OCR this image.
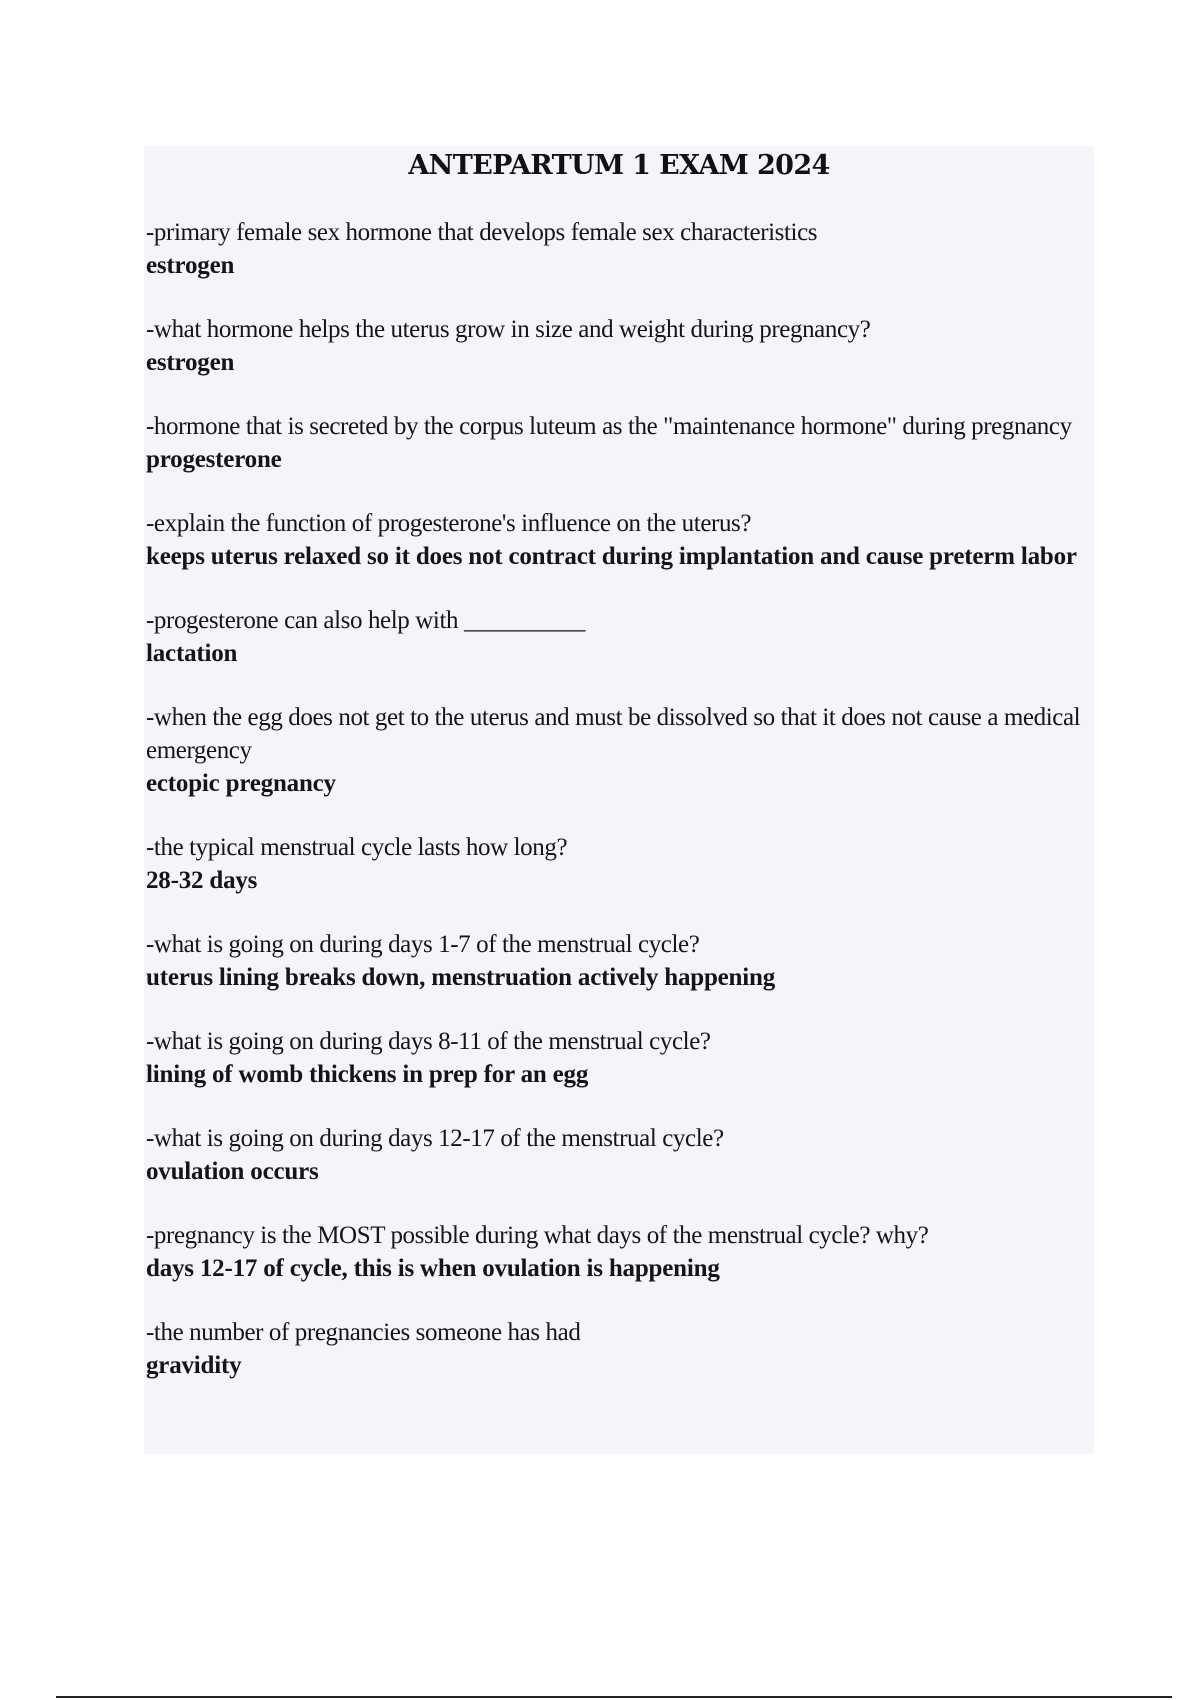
ANTEPARTUM 1 EXAM 2024
-primary female sex hormone that develops female sex characteristics
estrogen
-what hormone helps the uterus grow in size and weight during pregnancy?
estrogen
-hormone that is secreted by the corpus luteum as the "maintenance hormone" during pregnancy
progesterone
-explain the function of progesterone's influence on the uterus?
keeps uterus relaxed so it does not contract during implantation and cause preterm labor
-progesterone can also help with __________
lactation
-when the egg does not get to the uterus and must be dissolved so that it does not cause a medical emergency
ectopic pregnancy
-the typical menstrual cycle lasts how long?
28-32 days
-what is going on during days 1-7 of the menstrual cycle?
uterus lining breaks down, menstruation actively happening
-what is going on during days 8-11 of the menstrual cycle?
lining of womb thickens in prep for an egg
-what is going on during days 12-17 of the menstrual cycle?
ovulation occurs
-pregnancy is the MOST possible during what days of the menstrual cycle? why?
days 12-17 of cycle, this is when ovulation is happening
-the number of pregnancies someone has had
gravidity
